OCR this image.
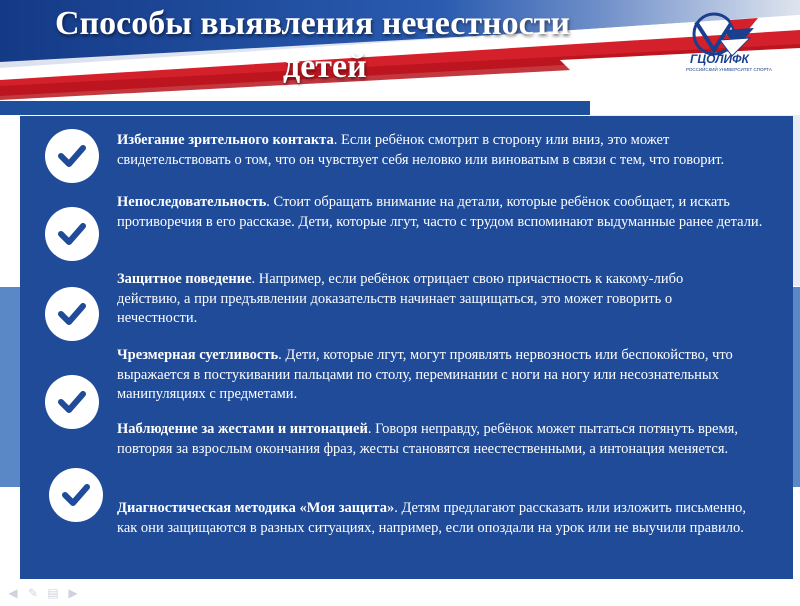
Способы выявления нечестности
детей	ГЦОЛИФК
РОССИЙСКИЙ УНИВЕРСИТЕТ СПОРТА
Избегание зрительного контакта. Если ребёнок смотрит в сторону или вниз, это может свидетельствовать о том, что он чувствует себя неловко или виноватым в связи с тем, что говорит.
Непоследовательность. Стоит обращать внимание на детали, которые ребёнок сообщает, и искать противоречия в его рассказе. Дети, которые лгут, часто с трудом вспоминают выдуманные ранее детали.
Защитное поведение. Например, если ребёнок отрицает свою причастность к какому-либо действию, а при предъявлении доказательств начинает защищаться, это может говорить о нечестности.
Чрезмерная суетливость. Дети, которые лгут, могут проявлять нервозность или беспокойство, что выражается в постукивании пальцами по столу, переминании с ноги на ногу или несознательных манипуляциях с предметами.
Наблюдение за жестами и интонацией. Говоря неправду, ребёнок может пытаться потянуть время, повторяя за взрослым окончания фраз, жесты становятся неестественными, а интонация меняется.
Диагностическая методика «Моя защита». Детям предлагают рассказать или изложить письменно, как они защищаются в разных ситуациях, например, если опоздали на урок или не выучили правило.
◀ ✎ ▤ ▶
